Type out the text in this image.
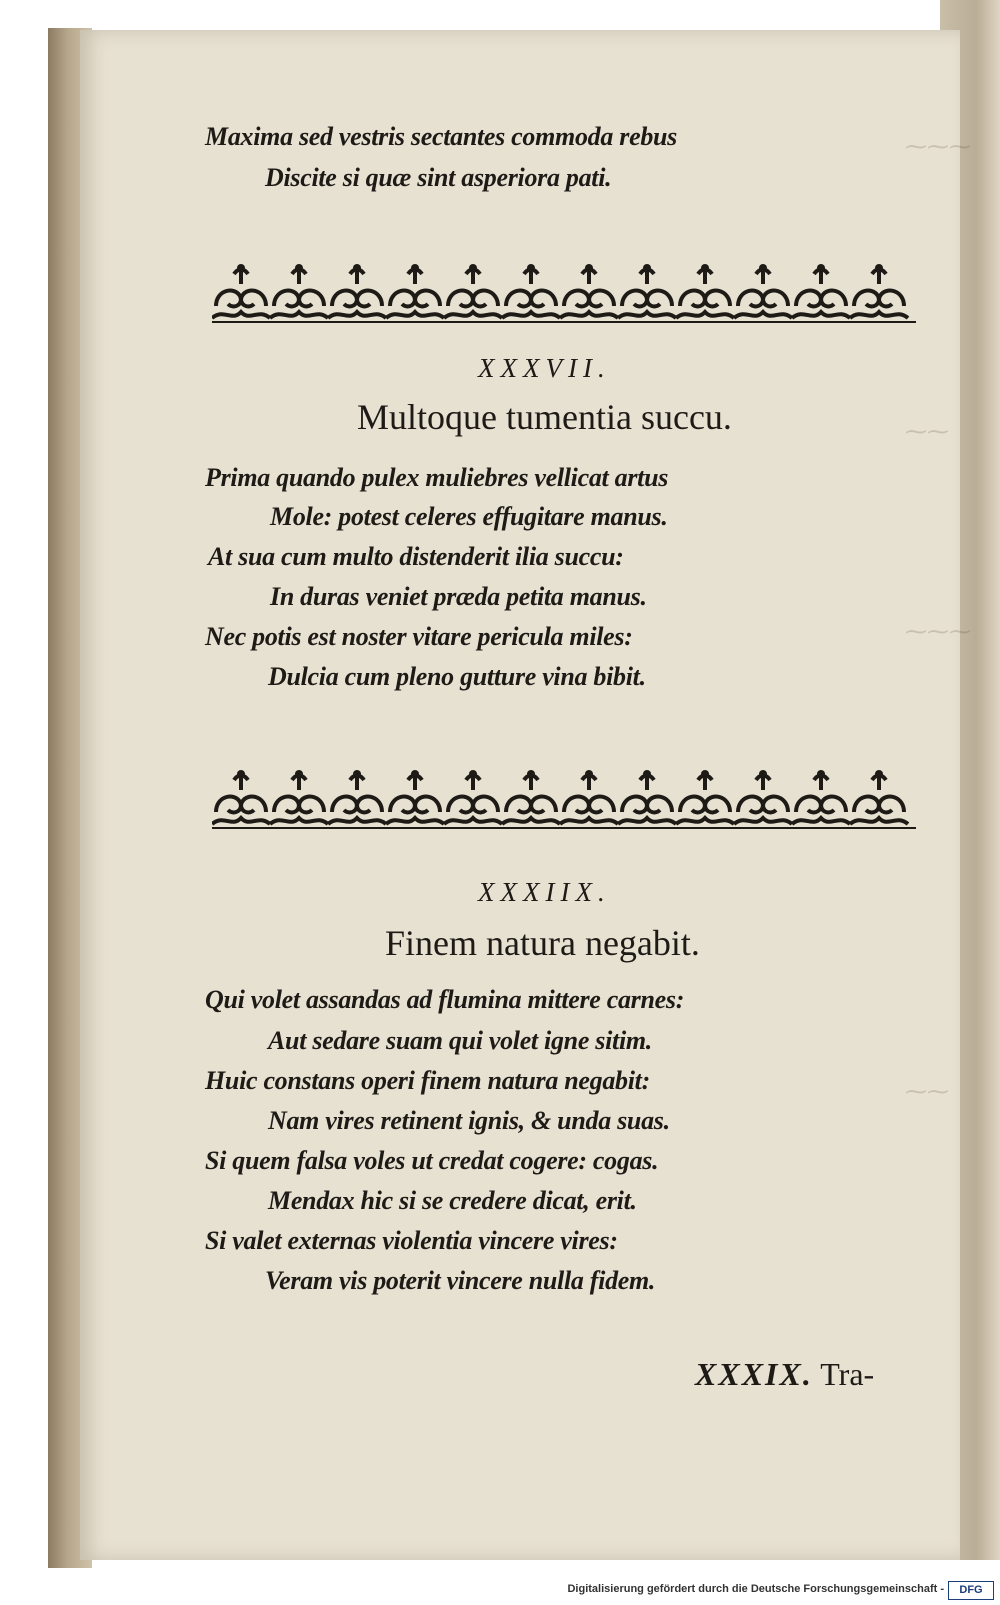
⁓⁓⁓
⁓⁓
⁓⁓⁓
⁓⁓

Maxima sed vestris sectantes commoda rebus

Discite si quæ sint asperiora pati.

XXXVII.

Multoque tumentia succu.

Prima quando pulex muliebres vellicat artus

Mole: potest celeres effugitare manus.

At sua cum multo distenderit ilia succu:

In duras veniet præda petita manus.

Nec potis est noster vitare pericula miles:

Dulcia cum pleno gutture vina bibit.

XXXIIX.

Finem natura negabit.

Qui volet assandas ad flumina mittere carnes:

Aut sedare suam qui volet igne sitim.

Huic constans operi finem natura negabit:

Nam vires retinent ignis, & unda suas.

Si quem falsa voles ut credat cogere: cogas.

Mendax hic si se credere dicat, erit.

Si valet externas violentia vincere vires:

Veram vis poterit vincere nulla fidem.

XXXIX. Tra-
Digitalisierung gefördert durch die Deutsche Forschungsgemeinschaft -	DFG
